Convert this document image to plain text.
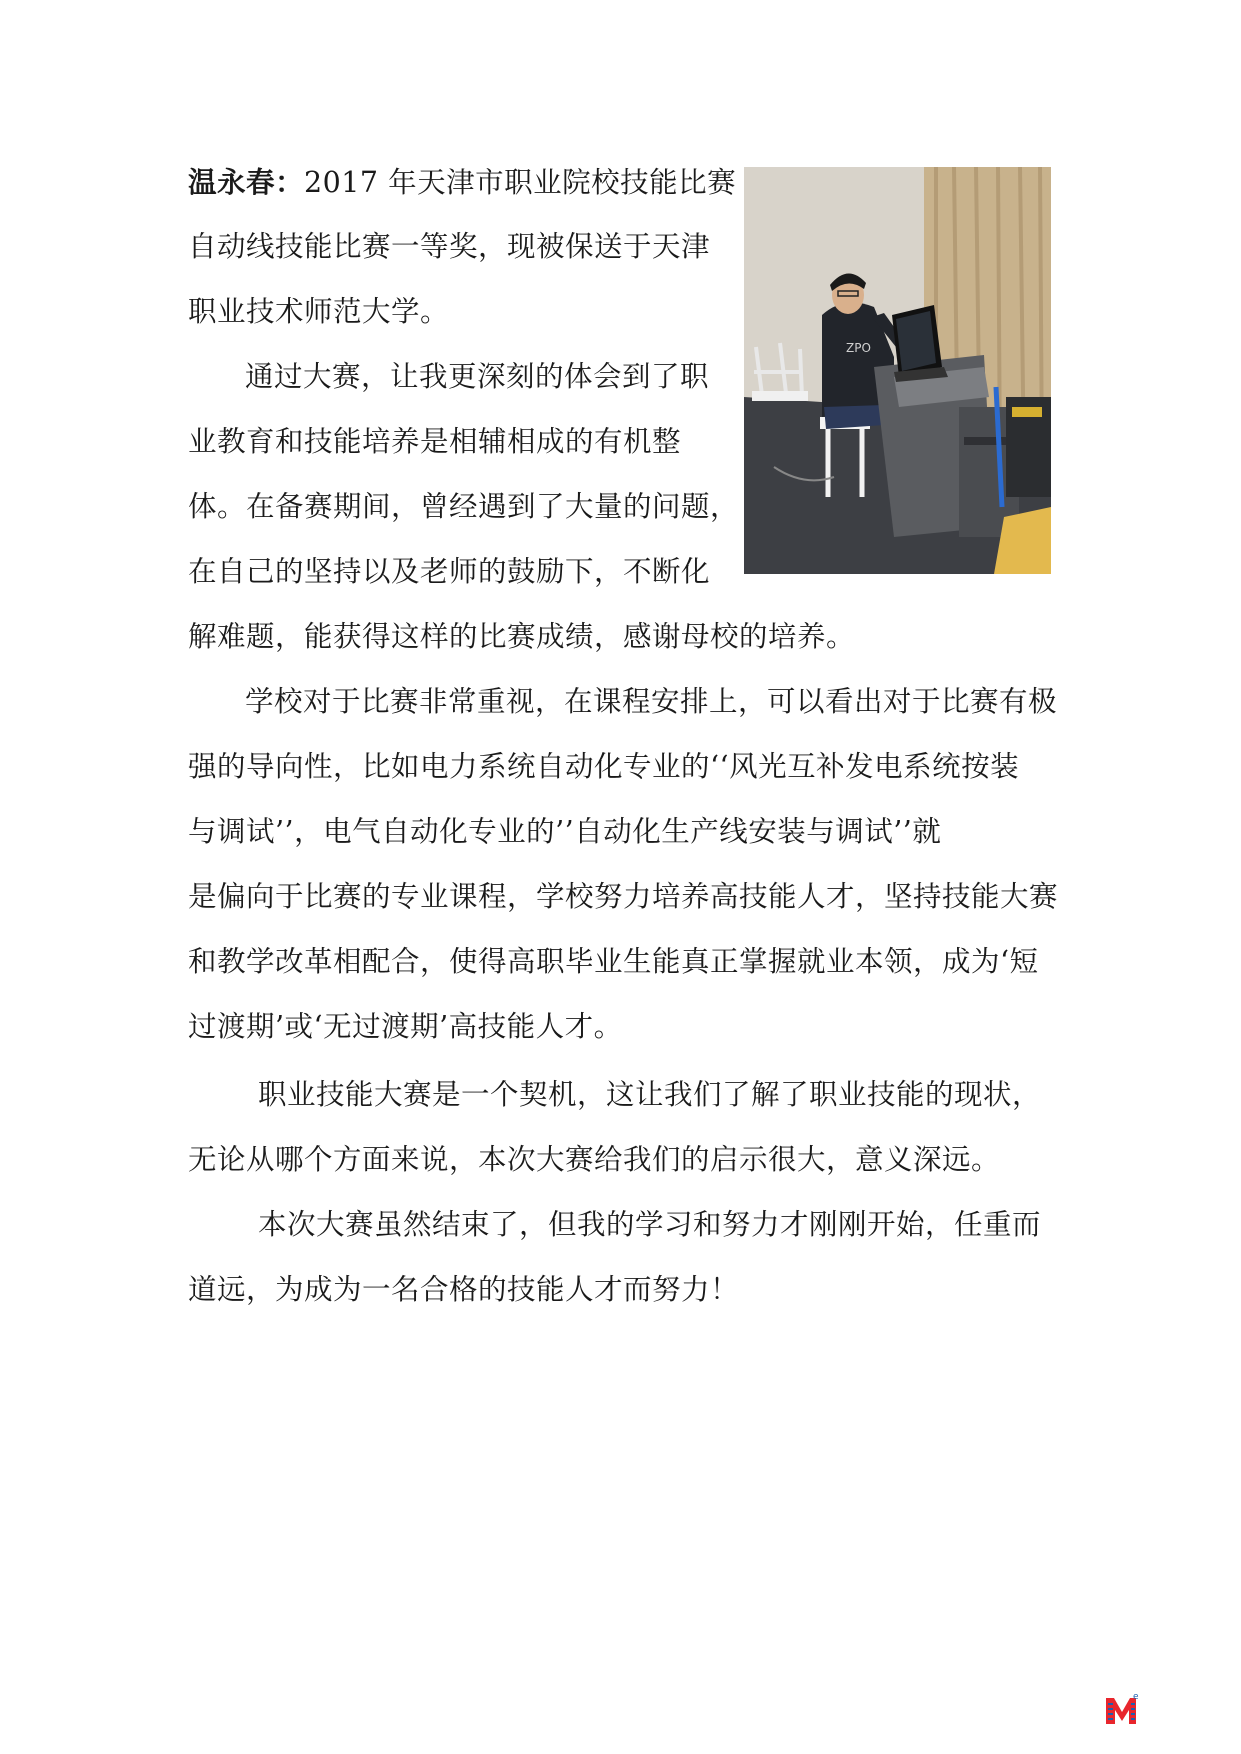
温永春：2017 年天津市职业院校技能比赛
自动线技能比赛一等奖，现被保送于天津
职业技术师范大学。
通过大赛，让我更深刻的体会到了职
业教育和技能培养是相辅相成的有机整
体。在备赛期间，曾经遇到了大量的问题，
在自己的坚持以及老师的鼓励下，不断化
解难题，能获得这样的比赛成绩，感谢母校的培养。
学校对于比赛非常重视，在课程安排上，可以看出对于比赛有极
强的导向性，比如电力系统自动化专业的‘‘风光互补发电系统按装
与调试’’，电气自动化专业的’’自动化生产线安装与调试’’就
是偏向于比赛的专业课程，学校努力培养高技能人才，坚持技能大赛
和教学改革相配合，使得高职毕业生能真正掌握就业本领，成为‘短
过渡期’或‘无过渡期’高技能人才。
职业技能大赛是一个契机，这让我们了解了职业技能的现状，
无论从哪个方面来说，本次大赛给我们的启示很大，意义深远。
本次大赛虽然结束了，但我的学习和努力才刚刚开始，任重而
道远，为成为一名合格的技能人才而努力！
ZPO
e
